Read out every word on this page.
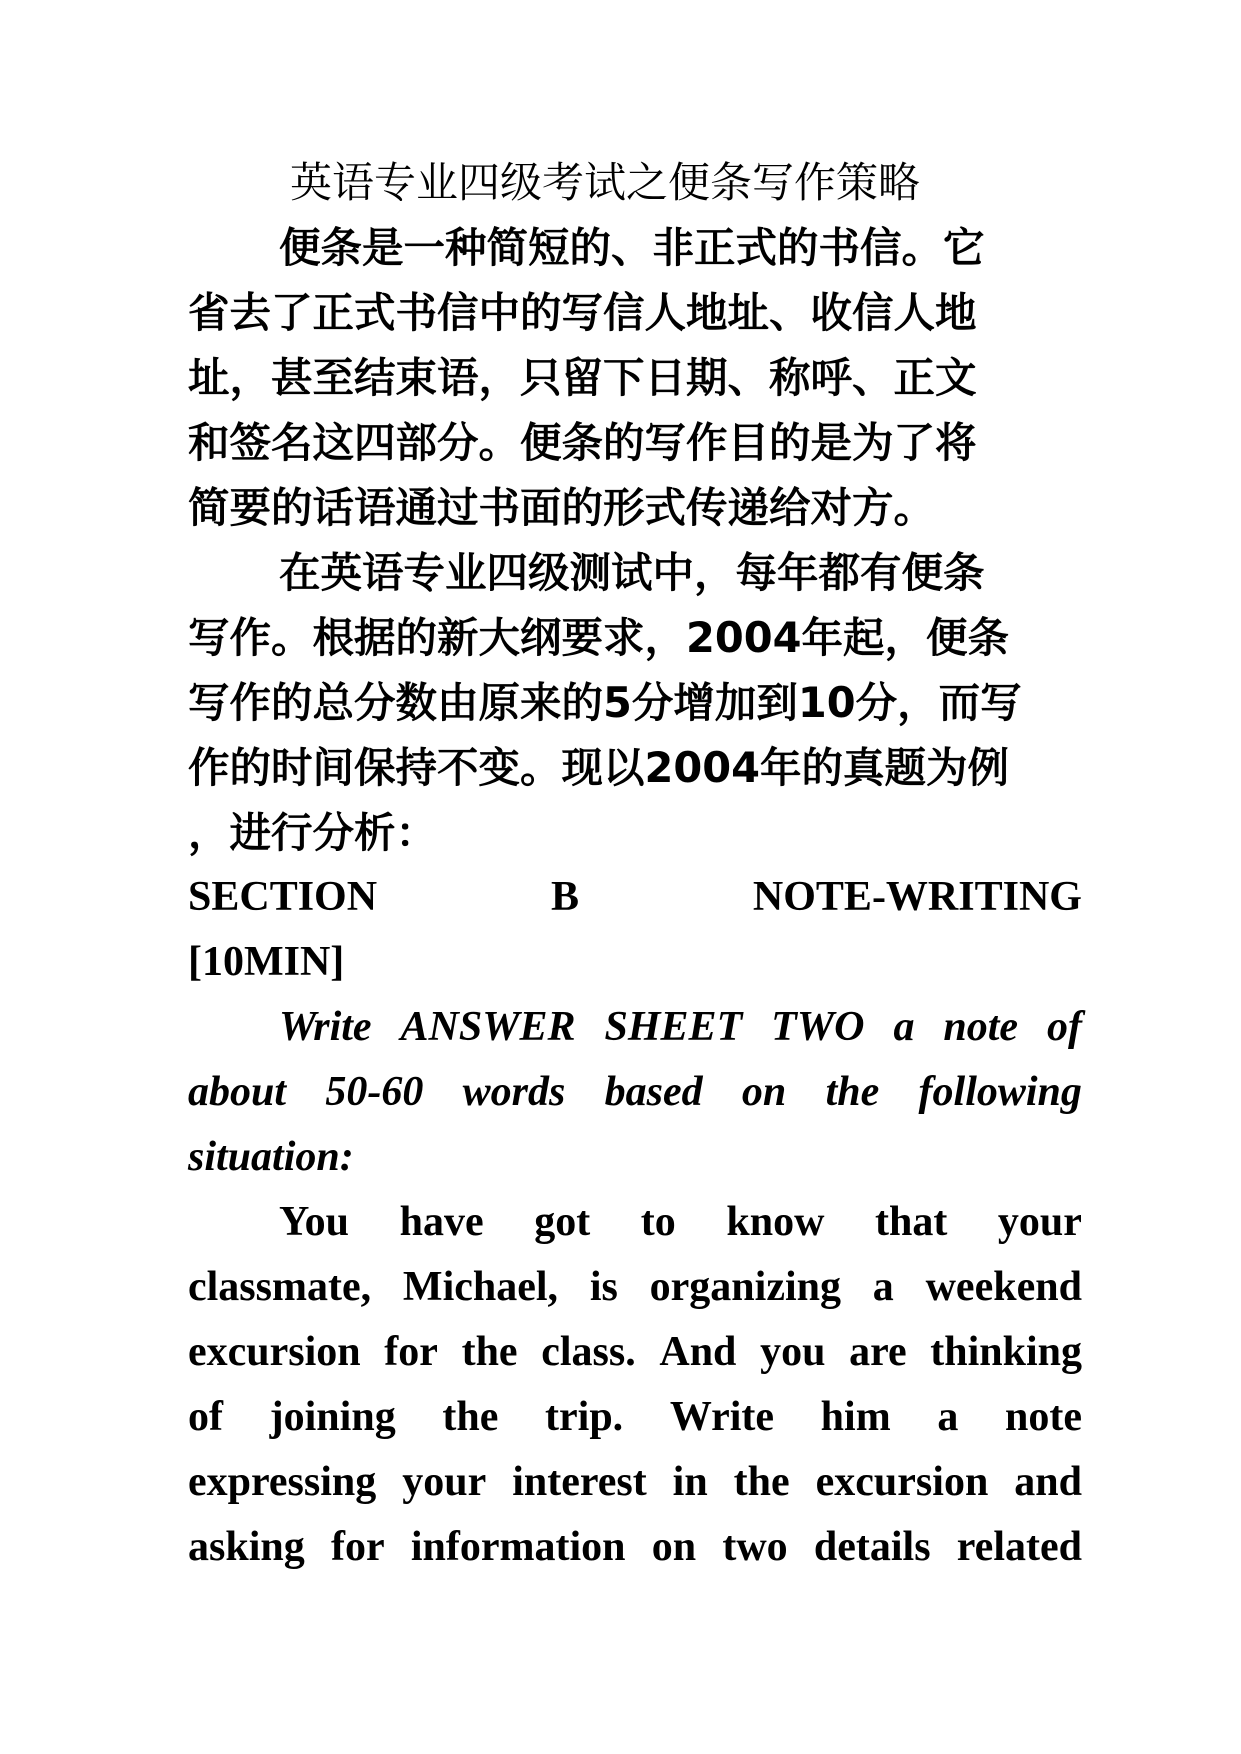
英语专业四级考试之便条写作策略
便条是一种简短的、非正式的书信。它
省去了正式书信中的写信人地址、收信人地
址，甚至结束语，只留下日期、称呼、正文
和签名这四部分。便条的写作目的是为了将
简要的话语通过书面的形式传递给对方。
在英语专业四级测试中，每年都有便条
写作。根据的新大纲要求，2004年起，便条
写作的总分数由原来的5分增加到10分，而写
作的时间保持不变。现以2004年的真题为例
，进行分析：
SECTION	B	NOTE-WRITING
[10MIN]
Write ANSWER SHEET TWO a note of
about 50-60 words based on the following
situation:
You have got to know that your
classmate, Michael, is organizing a weekend
excursion for the class. And you are thinking
of joining the trip. Write him a note
expressing your interest in the excursion and
asking for information on two details related
